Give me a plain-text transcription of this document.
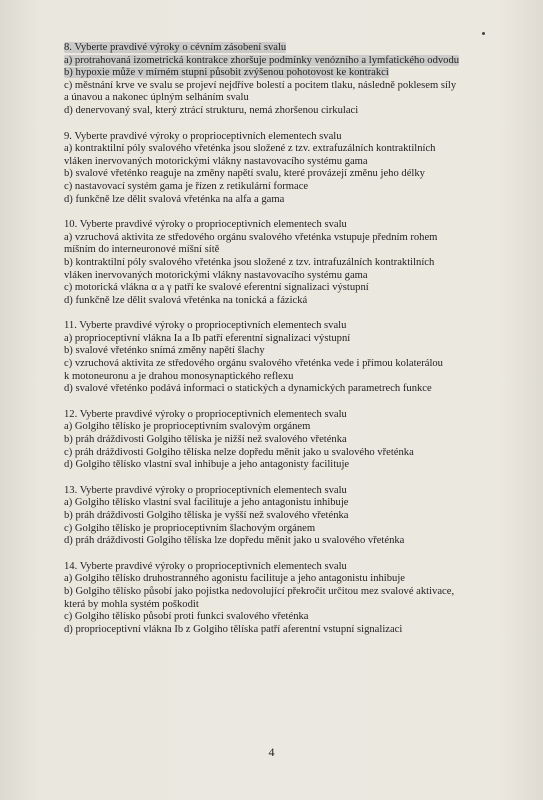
8. Vyberte pravdivé výroky o cévním zásobení svalu

a) protrahovaná izometrická kontrakce zhoršuje podmínky venózního a lymfatického odvodu

b) hypoxie může v mírném stupni působit zvýšenou pohotovost ke kontrakci

c) městnání krve ve svalu se projeví nejdříve bolestí a pocitem tlaku, následně poklesem síly

a únavou a nakonec úplným selháním svalu

d) denervovaný sval, který ztrácí strukturu, nemá zhoršenou cirkulaci

9. Vyberte pravdivé výroky o proprioceptivních elementech svalu

a) kontraktilní póly svalového vřeténka jsou složené z tzv. extrafuzálních kontraktilních

vláken inervovaných motorickými vlákny nastavovacího systému gama

b) svalové vřeténko reaguje na změny napětí svalu, které provázejí změnu jeho délky

c) nastavovací systém gama je řízen z retikulární formace

d) funkčně lze dělit svalová vřeténka na alfa a gama

10. Vyberte pravdivé výroky o proprioceptivních elementech svalu

a) vzruchová aktivita ze středového orgánu svalového vřeténka vstupuje předním rohem

míšním do interneuronové míšní sítě

b) kontraktilní póly svalového vřeténka jsou složené z tzv. intrafuzálních kontraktilních

vláken inervovaných motorickými vlákny nastavovacího systému gama

c) motorická vlákna α a γ patří ke svalové eferentní signalizaci výstupní

d) funkčně lze dělit svalová vřeténka na tonická a fázická

11. Vyberte pravdivé výroky o proprioceptivních elementech svalu

a) proprioceptivní vlákna Ia a Ib patří eferentní signalizaci výstupní

b) svalové vřeténko snímá změny napětí šlachy

c) vzruchová aktivita ze středového orgánu svalového vřeténka vede i přímou kolaterálou

k motoneuronu a je drahou monosynaptického reflexu

d) svalové vřeténko podává informaci o statických a dynamických parametrech funkce

12. Vyberte pravdivé výroky o proprioceptivních elementech svalu

a) Golgiho tělísko je proprioceptivním svalovým orgánem

b) práh dráždivosti Golgiho tělíska je nižší než svalového vřeténka

c) práh dráždivosti Golgiho tělíska nelze dopředu měnit jako u svalového vřeténka

d) Golgiho tělísko vlastní sval inhibuje a jeho antagonisty facilituje

13. Vyberte pravdivé výroky o proprioceptivních elementech svalu

a) Golgiho tělísko vlastní sval facilituje a jeho antagonistu inhibuje

b) práh dráždivosti Golgiho tělíska je vyšší než svalového vřeténka

c) Golgiho tělísko je proprioceptivním šlachovým orgánem

d) práh dráždivosti Golgiho tělíska lze dopředu měnit jako u svalového vřeténka

14. Vyberte pravdivé výroky o proprioceptivních elementech svalu

a) Golgiho tělísko druhostranného agonistu facilituje a jeho antagonistu inhibuje

b) Golgiho tělísko působí jako pojistka nedovolující překročit určitou mez svalové aktivace,

která by mohla systém poškodit

c) Golgiho tělísko působí proti funkci svalového vřeténka

d) proprioceptivní vlákna Ib z Golgiho tělíska patří aferentní vstupní signalizaci

4
